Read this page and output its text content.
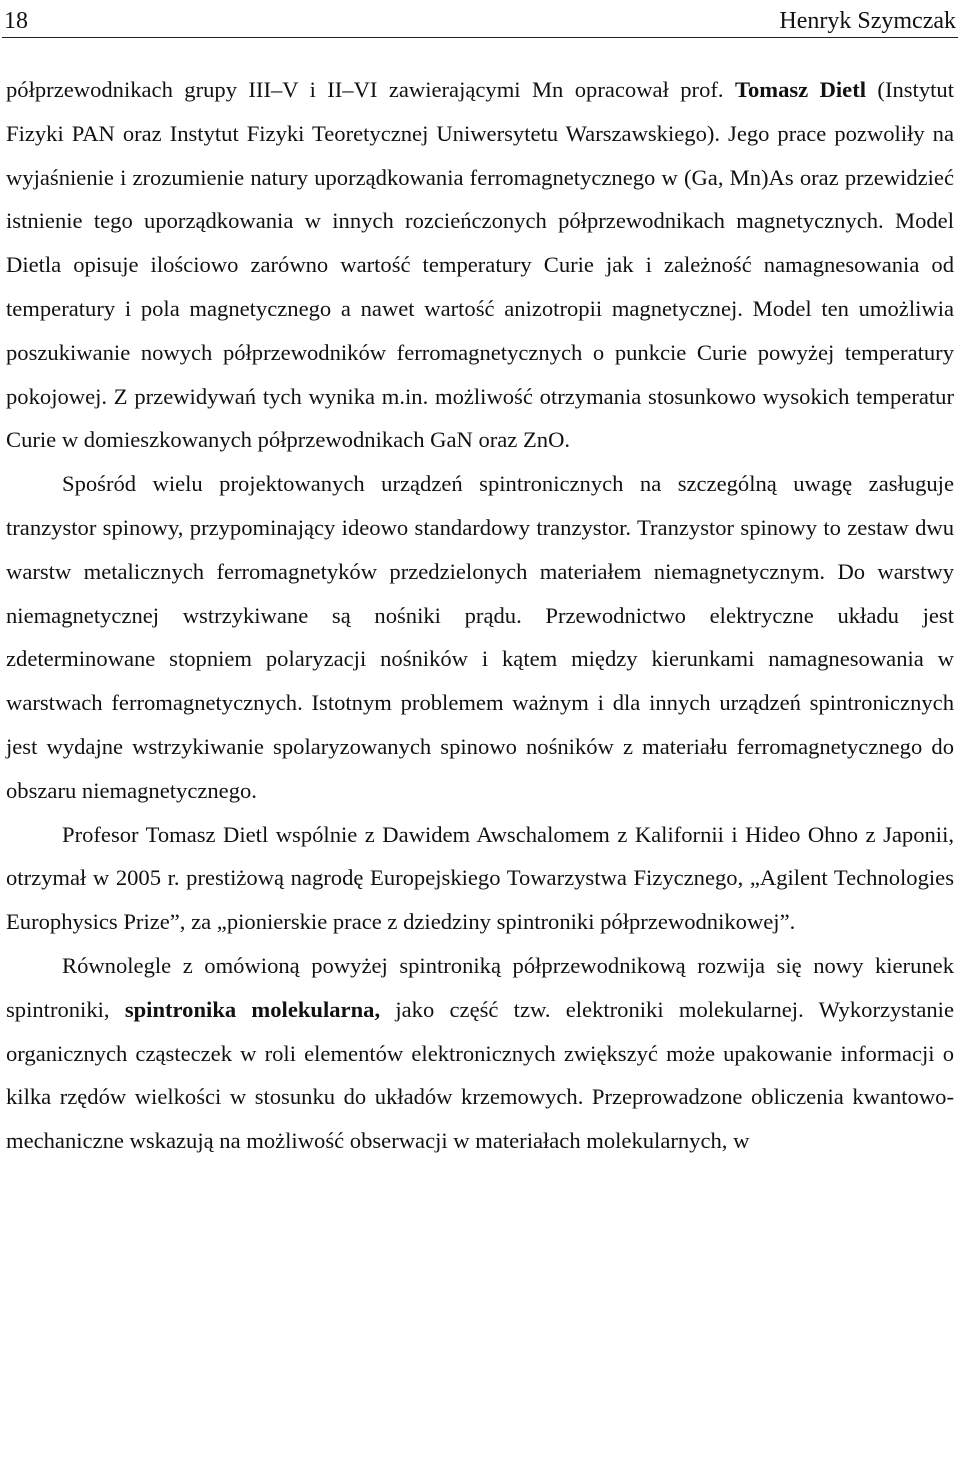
18	Henryk Szymczak

półprzewodnikach grupy III–V i II–VI zawierającymi Mn opracował prof. Tomasz Dietl (Instytut Fizyki PAN oraz Instytut Fizyki Teoretycznej Uniwersytetu Warszawskiego). Jego prace pozwoliły na wyjaśnienie i zrozumienie natury uporządkowania ferromagnetycznego w (Ga, Mn)As oraz przewidzieć istnienie tego uporządkowania w innych rozcieńczonych półprzewodnikach magnetycznych. Model Dietla opisuje ilościowo zarówno wartość temperatury Curie jak i zależność namagnesowania od temperatury i pola magnetycznego a nawet wartość anizotropii magnetycznej. Model ten umożliwia poszukiwanie nowych półprzewodników ferromagnetycznych o punkcie Curie powyżej temperatury pokojowej. Z przewidywań tych wynika m.in. możliwość otrzymania stosunkowo wysokich temperatur Curie w domieszkowanych półprzewodnikach GaN oraz ZnO.

Spośród wielu projektowanych urządzeń spintronicznych na szczególną uwagę zasługuje tranzystor spinowy, przypominający ideowo standardowy tranzystor. Tranzystor spinowy to zestaw dwu warstw metalicznych ferromagnetyków przedzielonych materiałem niemagnetycznym. Do warstwy niemagnetycznej wstrzykiwane są nośniki prądu. Przewodnictwo elektryczne układu jest zdeterminowane stopniem polaryzacji nośników i kątem między kierunkami namagnesowania w warstwach ferromagnetycznych. Istotnym problemem ważnym i dla innych urządzeń spintronicznych jest wydajne wstrzykiwanie spolaryzowanych spinowo nośników z materiału ferromagnetycznego do obszaru niemagnetycznego.

Profesor Tomasz Dietl wspólnie z Dawidem Awschalomem z Kalifornii i Hideo Ohno z Japonii, otrzymał w 2005 r. prestiżową nagrodę Europejskiego Towarzystwa Fizycznego, „Agilent Technologies Europhysics Prize”, za „pionierskie prace z dziedziny spintroniki półprzewodnikowej”.

Równolegle z omówioną powyżej spintroniką półprzewodnikową rozwija się nowy kierunek spintroniki, spintronika molekularna, jako część tzw. elektroniki molekularnej. Wykorzystanie organicznych cząsteczek w roli elementów elektronicznych zwiększyć może upakowanie informacji o kilka rzędów wielkości w stosunku do układów krzemowych. Przeprowadzone obliczenia kwantowo-mechaniczne wskazują na możliwość obserwacji w materiałach molekularnych, w
